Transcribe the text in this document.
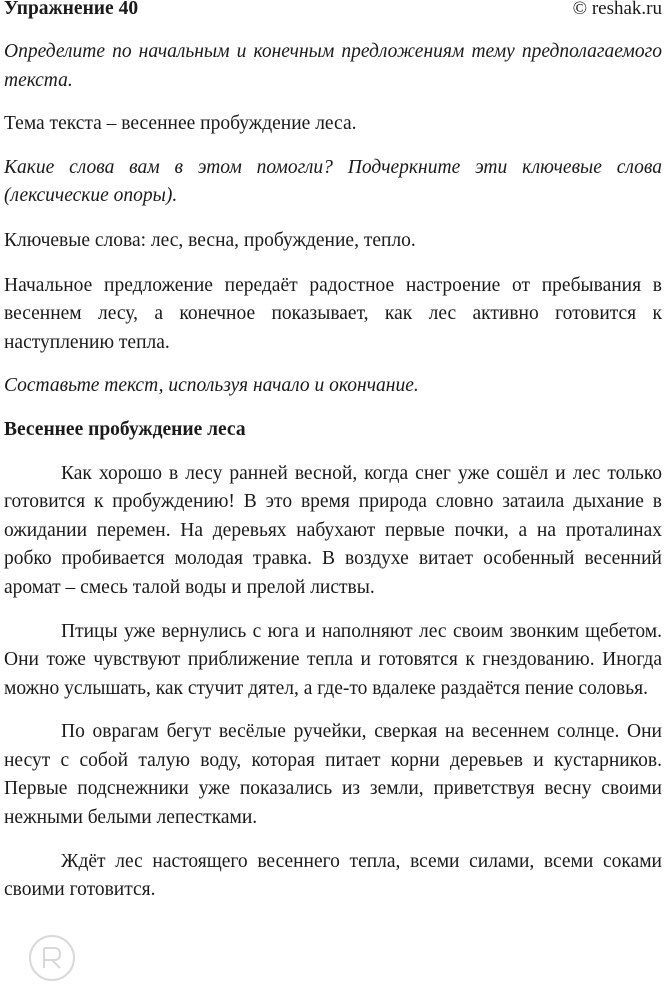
Упражнение 40	© reshak.ru

Определите по начальным и конечным предложениям тему предполагаемого текста.

Тема текста – весеннее пробуждение леса.

Какие слова вам в этом помогли? Подчеркните эти ключевые слова (лексические опоры).

Ключевые слова: лес, весна, пробуждение, тепло.

Начальное предложение передаёт радостное настроение от пребывания в весеннем лесу, а конечное показывает, как лес активно готовится к наступлению тепла.

Составьте текст, используя начало и окончание.

Весеннее пробуждение леса

Как хорошо в лесу ранней весной, когда снег уже сошёл и лес только готовится к пробуждению! В это время природа словно затаила дыхание в ожидании перемен. На деревьях набухают первые почки, а на проталинах робко пробивается молодая травка. В воздухе витает особенный весенний аромат – смесь талой воды и прелой листвы.

Птицы уже вернулись с юга и наполняют лес своим звонким щебетом. Они тоже чувствуют приближение тепла и готовятся к гнездованию. Иногда можно услышать, как стучит дятел, а где-то вдалеке раздаётся пение соловья.

По оврагам бегут весёлые ручейки, сверкая на весеннем солнце. Они несут с собой талую воду, которая питает корни деревьев и кустарников. Первые подснежники уже показались из земли, приветствуя весну своими нежными белыми лепестками.

Ждёт лес настоящего весеннего тепла, всеми силами, всеми соками своими готовится.
